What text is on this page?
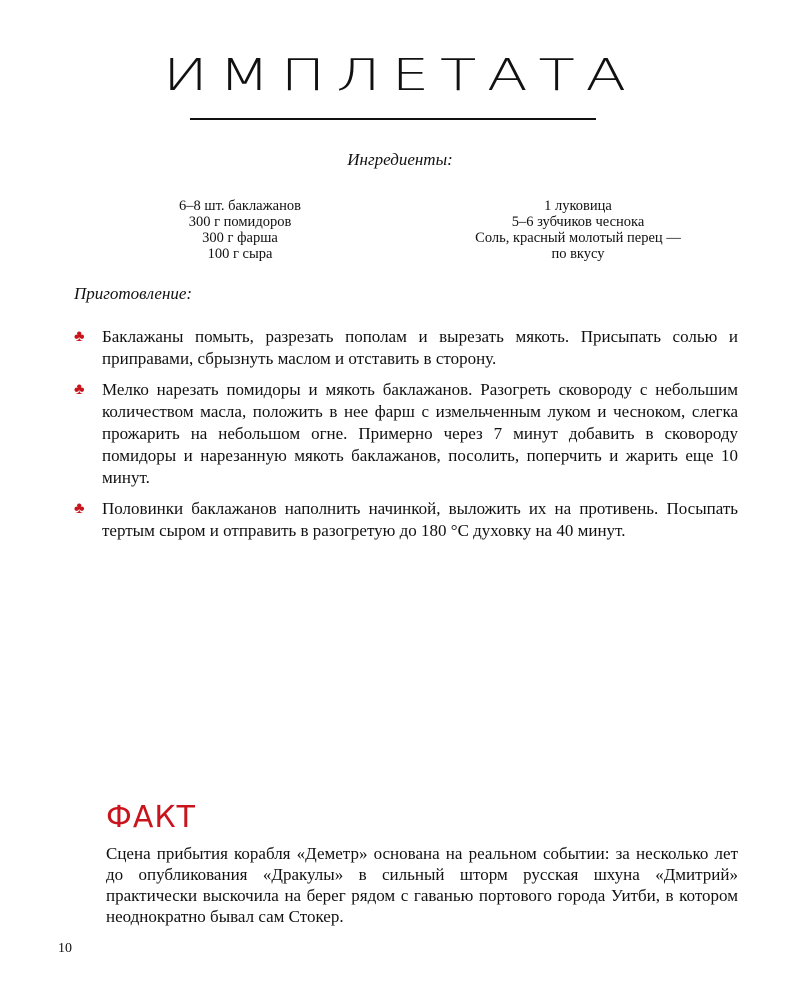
ИМПЛЕТАТА
Ингредиенты:
6–8 шт. баклажанов
300 г помидоров
300 г фарша
100 г сыра
1 луковица
5–6 зубчиков чеснока
Соль, красный молотый перец —
по вкусу
Приготовление:
♣ Баклажаны помыть, разрезать пополам и вырезать мякоть. Присыпать солью и приправами, сбрызнуть маслом и отставить в сторону.
♣ Мелко нарезать помидоры и мякоть баклажанов. Разогреть сковороду с небольшим количеством масла, положить в нее фарш с измельченным луком и чесноком, слегка прожарить на небольшом огне. Примерно через 7 минут добавить в сковороду помидоры и нарезанную мякоть баклажанов, посолить, поперчить и жарить еще 10 минут.
♣ Половинки баклажанов наполнить начинкой, выложить их на противень. Посыпать тертым сыром и отправить в разогретую до 180 °С духовку на 40 минут.
ФАКТ
Сцена прибытия корабля «Деметр» основана на реальном событии: за несколько лет до опубликования «Дракулы» в сильный шторм русская шхуна «Дмитрий» практически выскочила на берег рядом с гаванью портового города Уитби, в котором неоднократно бывал сам Стокер.
10
